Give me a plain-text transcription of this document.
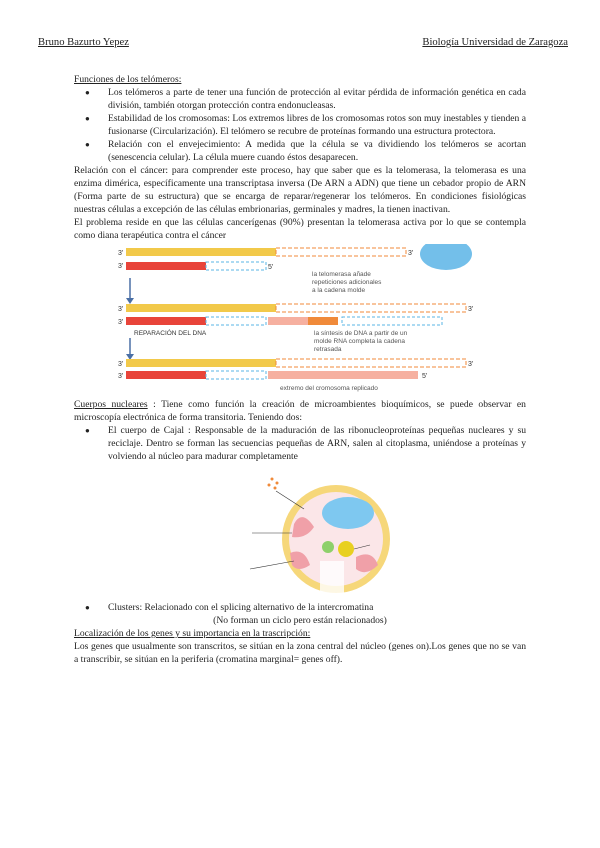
Bruno Bazurto Yepez	Biología Universidad de Zaragoza

Funciones de los telómeros:

● Los telómeros a parte de tener una función de protección al evitar pérdida de información genética en cada división, también otorgan protección contra endonucleasas.
● Estabilidad de los cromosomas: Los extremos libres de los cromosomas rotos son muy inestables y tienden a fusionarse (Circularización). El telómero se recubre de proteínas formando una estructura protectora.
● Relación con el envejecimiento: A medida que la célula se va dividiendo los telómeros se acortan (senescencia celular). La célula muere cuando éstos desaparecen.

Relación con el cáncer: para comprender este proceso, hay que saber que es la telomerasa, la telomerasa es una enzima dimérica, específicamente una transcriptasa inversa (De ARN a ADN) que tiene un cebador propio de ARN (Forma parte de su estructura) que se encarga de reparar/regenerar los telómeros. En condiciones fisiológicas nuestras células a excepción de las células embrionarias, germinales y madres, la tienen inactivan.

El problema reside en que las células cancerígenas (90%) presentan la telomerasa activa por lo que se contempla como diana terapéutica contra el cáncer

3'	3'
3'	5'
la telomerasa añade
repeticiones adicionales
a la cadena molde
3'	3'
3'
REPARACIÓN DEL DNA	la síntesis de DNA a partir de un
molde RNA completa la cadena
retrasada
3'	3'
3'	5'
extremo del cromosoma replicado

Cuerpos nucleares : Tiene como función la creación de microambientes bioquímicos, se puede observar en microscopía electrónica de forma transitoria. Teniendo dos:

● El cuerpo de Cajal : Responsable de la maduración de las ribonucleoproteínas pequeñas nucleares y su reciclaje. Dentro se forman las secuencias pequeñas de ARN, salen al citoplasma, uniéndose a proteínas y volviendo al núcleo para madurar completamente
● Clusters: Relacionado con el splicing alternativo de la intercromatina

(No forman un ciclo pero están relacionados)

Localización de los genes y su importancia en la trascripción:

Los genes que usualmente son transcritos, se sitúan en la zona central del núcleo (genes on).Los genes que no se van a transcribir, se sitúan en la periferia (cromatina marginal= genes off).
